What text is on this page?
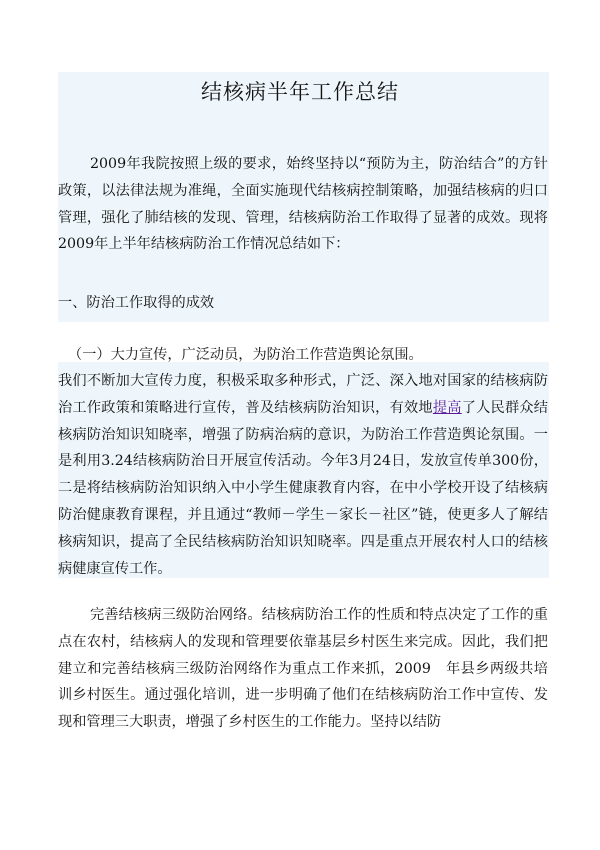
结核病半年工作总结

2009年我院按照上级的要求，始终坚持以“预防为主，防治结合”的方针政策，以法律法规为准绳，全面实施现代结核病控制策略，加强结核病的归口管理，强化了肺结核的发现、管理，结核病防治工作取得了显著的成效。现将2009年上半年结核病防治工作情况总结如下：

一、防治工作取得的成效

（一）大力宣传，广泛动员，为防治工作营造舆论氛围。

我们不断加大宣传力度，积极采取多种形式，广泛、深入地对国家的结核病防治工作政策和策略进行宣传，普及结核病防治知识，有效地提高了人民群众结核病防治知识知晓率，增强了防病治病的意识，为防治工作营造舆论氛围。一是利用3.24结核病防治日开展宣传活动。今年3月24日，发放宣传单300份，二是将结核病防治知识纳入中小学生健康教育内容，在中小学校开设了结核病防治健康教育课程，并且通过“教师－学生－家长－社区”链，使更多人了解结核病知识，提高了全民结核病防治知识知晓率。四是重点开展农村人口的结核病健康宣传工作。

完善结核病三级防治网络。结核病防治工作的性质和特点决定了工作的重点在农村，结核病人的发现和管理要依靠基层乡村医生来完成。因此，我们把建立和完善结核病三级防治网络作为重点工作来抓，2009　年县乡两级共培训乡村医生。通过强化培训，进一步明确了他们在结核病防治工作中宣传、发现和管理三大职责，增强了乡村医生的工作能力。坚持以结防
